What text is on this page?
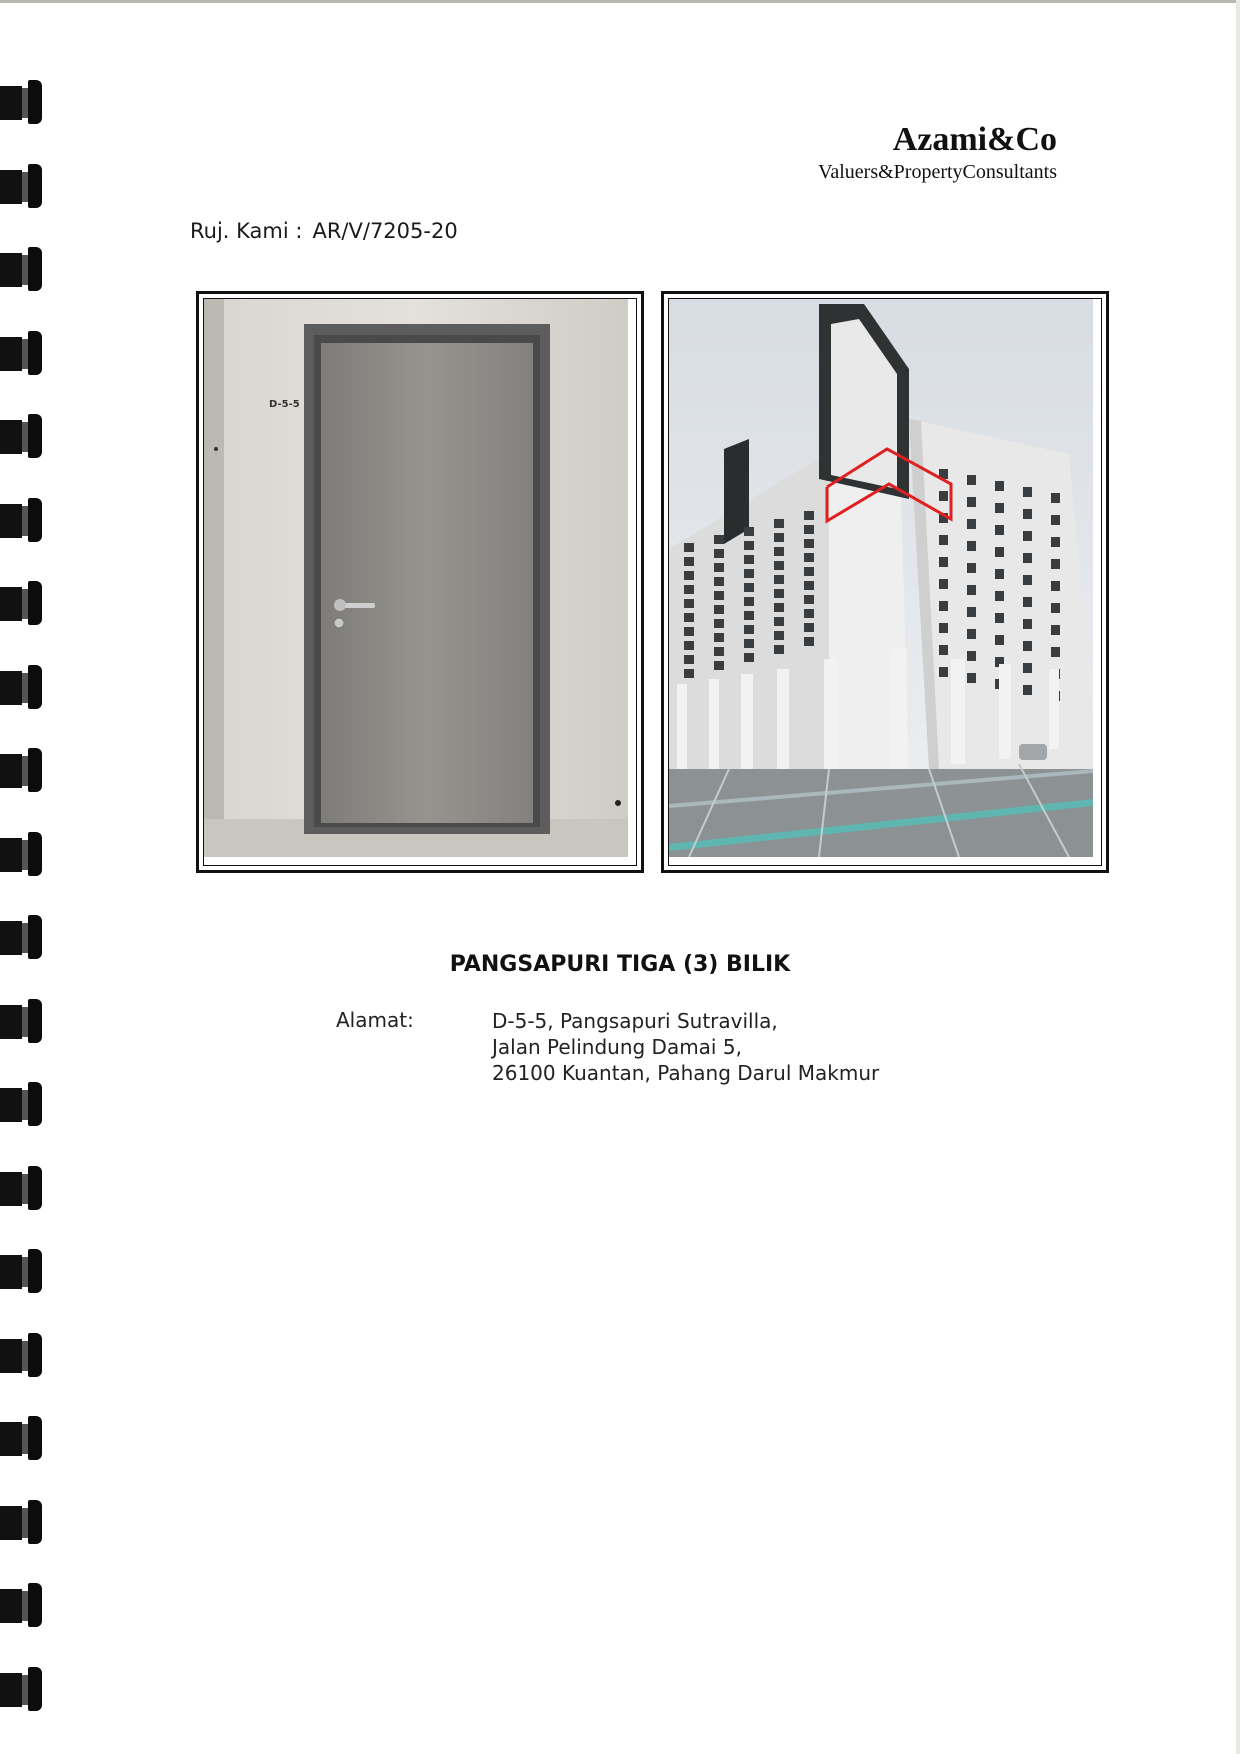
Azami&Co
Valuers&PropertyConsultants
Ruj. Kami : AR/V/7205-20
D-5-5
PANGSAPURI TIGA (3) BILIK
Alamat:	D-5-5, Pangsapuri Sutravilla,
Jalan Pelindung Damai 5,
26100 Kuantan, Pahang Darul Makmur
